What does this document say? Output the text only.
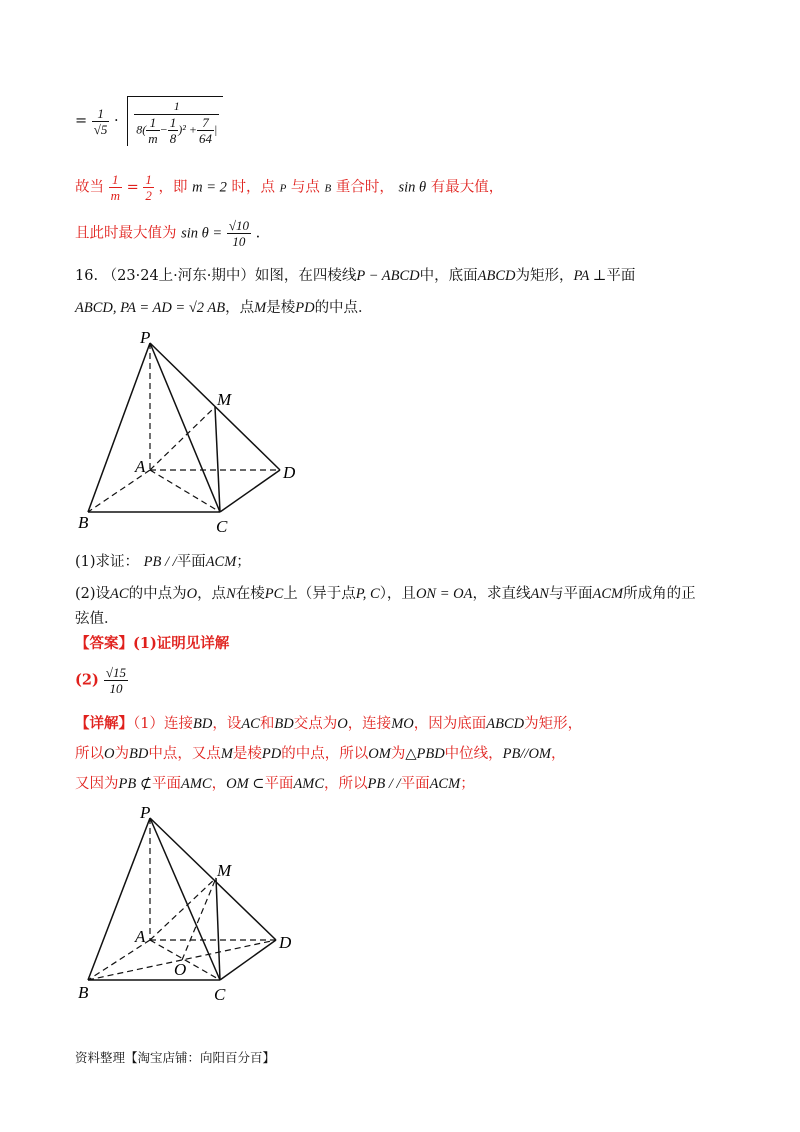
= $\frac{1}{√5} \cdot \frac{1}{8( \frac{1}{m} - \frac{1}{8} )^2 + \frac{7}{64} |}$
故当 $\frac{1}{m} = \frac{1}{2}$ ，即 m = 2 时，点 P 与点 B 重合时， sin θ 有最大值，
且此时最大值为 $\sin \theta = \frac{√10}{10}$ .
16. （23·24上·河东·期中）如图，在四棱线P − ABCD中，底面ABCD为矩形，PA ⊥平面
ABCD, PA = AD = √2 AB，点M是棱PD的中点．
P
M
A	D
B	C
(1)求证： PB / /平面ACM；
(2)设AC的中点为O，点N在棱PC上（异于点P, C），且ON = OA，求直线AN与平面ACM所成角的正
弦值．
【答案】(1)证明见详解
$(2) \frac{√15}{10}$
【详解】（1）连接BD，设AC和BD交点为O，连接MO，因为底面ABCD为矩形，
所以O为BD中点，又点M是棱PD的中点，所以OM为△PBD中位线，PB//OM，
又因为PB ⊄平面AMC，OM ⊂平面AMC，所以PB / /平面ACM；
P
M
A	D
O
B	C
资料整理【淘宝店铺：向阳百分百】
